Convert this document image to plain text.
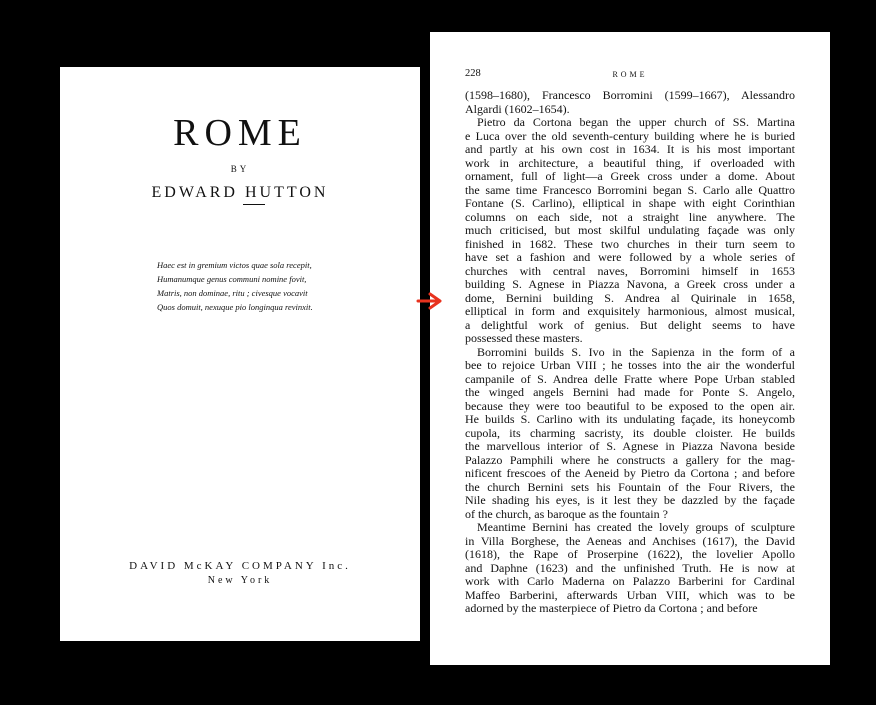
ROME
BY
EDWARD HUTTON
Haec est in gremium victos quae sola recepit,
Humanumque genus communi nomine fovit,
Matris, non dominae, ritu ; civesque vocavit
Quos domuit, nexuque pio longinqua revinxit.
DAVID McKAY COMPANY Inc.
New York
228	ROME
(1598–1680), Francesco Borromini (1599–1667), Alessandro
Algardi (1602–1654).
Pietro da Cortona began the upper church of SS. Martina
e Luca over the old seventh-century building where he is buried
and partly at his own cost in 1634. It is his most important
work in architecture, a beautiful thing, if overloaded with
ornament, full of light—a Greek cross under a dome. About
the same time Francesco Borromini began S. Carlo alle Quattro
Fontane (S. Carlino), elliptical in shape with eight Corinthian
columns on each side, not a straight line anywhere. The
much criticised, but most skilful undulating façade was only
finished in 1682. These two churches in their turn seem to
have set a fashion and were followed by a whole series of
churches with central naves, Borromini himself in 1653
building S. Agnese in Piazza Navona, a Greek cross under a
dome, Bernini building S. Andrea al Quirinale in 1658,
elliptical in form and exquisitely harmonious, almost musical,
a delightful work of genius. But delight seems to have
possessed these masters.
Borromini builds S. Ivo in the Sapienza in the form of a
bee to rejoice Urban VIII ; he tosses into the air the wonderful
campanile of S. Andrea delle Fratte where Pope Urban stabled
the winged angels Bernini had made for Ponte S. Angelo,
because they were too beautiful to be exposed to the open air.
He builds S. Carlino with its undulating façade, its honeycomb
cupola, its charming sacristy, its double cloister. He builds
the marvellous interior of S. Agnese in Piazza Navona beside
Palazzo Pamphili where he constructs a gallery for the mag-
nificent frescoes of the Aeneid by Pietro da Cortona ; and before
the church Bernini sets his Fountain of the Four Rivers, the
Nile shading his eyes, is it lest they be dazzled by the façade
of the church, as baroque as the fountain ?
Meantime Bernini has created the lovely groups of sculpture
in Villa Borghese, the Aeneas and Anchises (1617), the David
(1618), the Rape of Proserpine (1622), the lovelier Apollo
and Daphne (1623) and the unfinished Truth. He is now at
work with Carlo Maderna on Palazzo Barberini for Cardinal
Maffeo Barberini, afterwards Urban VIII, which was to be
adorned by the masterpiece of Pietro da Cortona ; and before
